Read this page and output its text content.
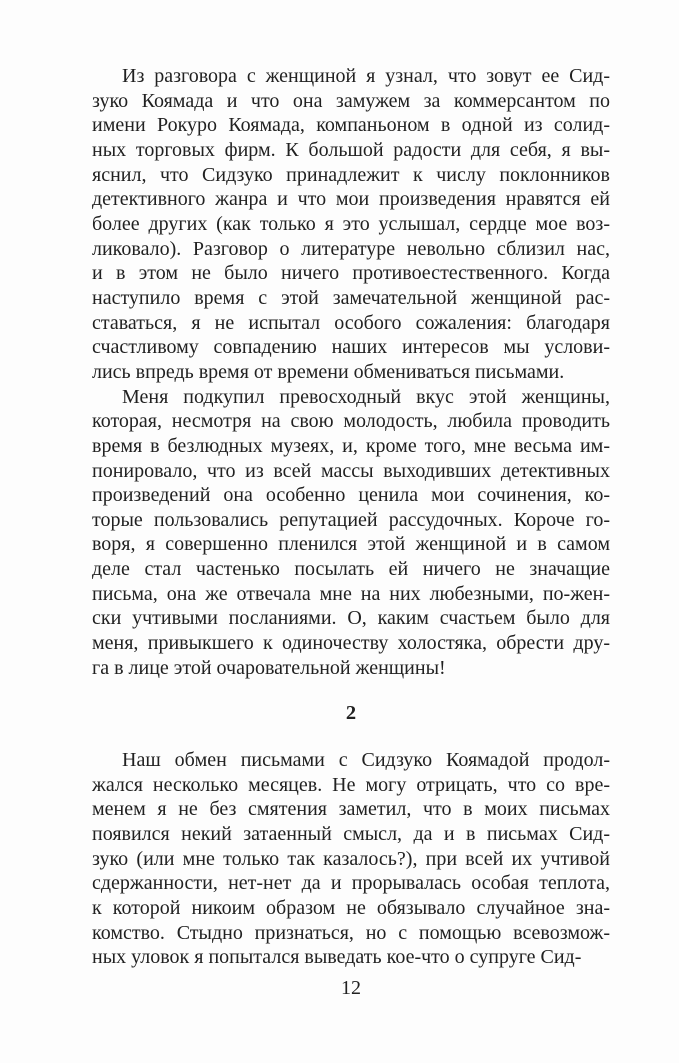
Из разговора с женщиной я узнал, что зовут ее Сид-
зуко Коямада и что она замужем за коммерсантом по
имени Рокуро Коямада, компаньоном в одной из солид-
ных торговых фирм. К большой радости для себя, я вы-
яснил, что Сидзуко принадлежит к числу поклонников
детективного жанра и что мои произведения нравятся ей
более других (как только я это услышал, сердце мое воз-
ликовало). Разговор о литературе невольно сблизил нас,
и в этом не было ничего противоестественного. Когда
наступило время с этой замечательной женщиной рас-
ставаться, я не испытал особого сожаления: благодаря
счастливому совпадению наших интересов мы услови-
лись впредь время от времени обмениваться письмами.
Меня подкупил превосходный вкус этой женщины,
которая, несмотря на свою молодость, любила проводить
время в безлюдных музеях, и, кроме того, мне весьма им-
понировало, что из всей массы выходивших детективных
произведений она особенно ценила мои сочинения, ко-
торые пользовались репутацией рассудочных. Короче го-
воря, я совершенно пленился этой женщиной и в самом
деле стал частенько посылать ей ничего не значащие
письма, она же отвечала мне на них любезными, по-жен-
ски учтивыми посланиями. О, каким счастьем было для
меня, привыкшего к одиночеству холостяка, обрести дру-
га в лице этой очаровательной женщины!
2
Наш обмен письмами с Сидзуко Коямадой продол-
жался несколько месяцев. Не могу отрицать, что со вре-
менем я не без смятения заметил, что в моих письмах
появился некий затаенный смысл, да и в письмах Сид-
зуко (или мне только так казалось?), при всей их учтивой
сдержанности, нет-нет да и прорывалась особая теплота,
к которой никоим образом не обязывало случайное зна-
комство. Стыдно признаться, но с помощью всевозмож-
ных уловок я попытался выведать кое-что о супруге Сид-
12
